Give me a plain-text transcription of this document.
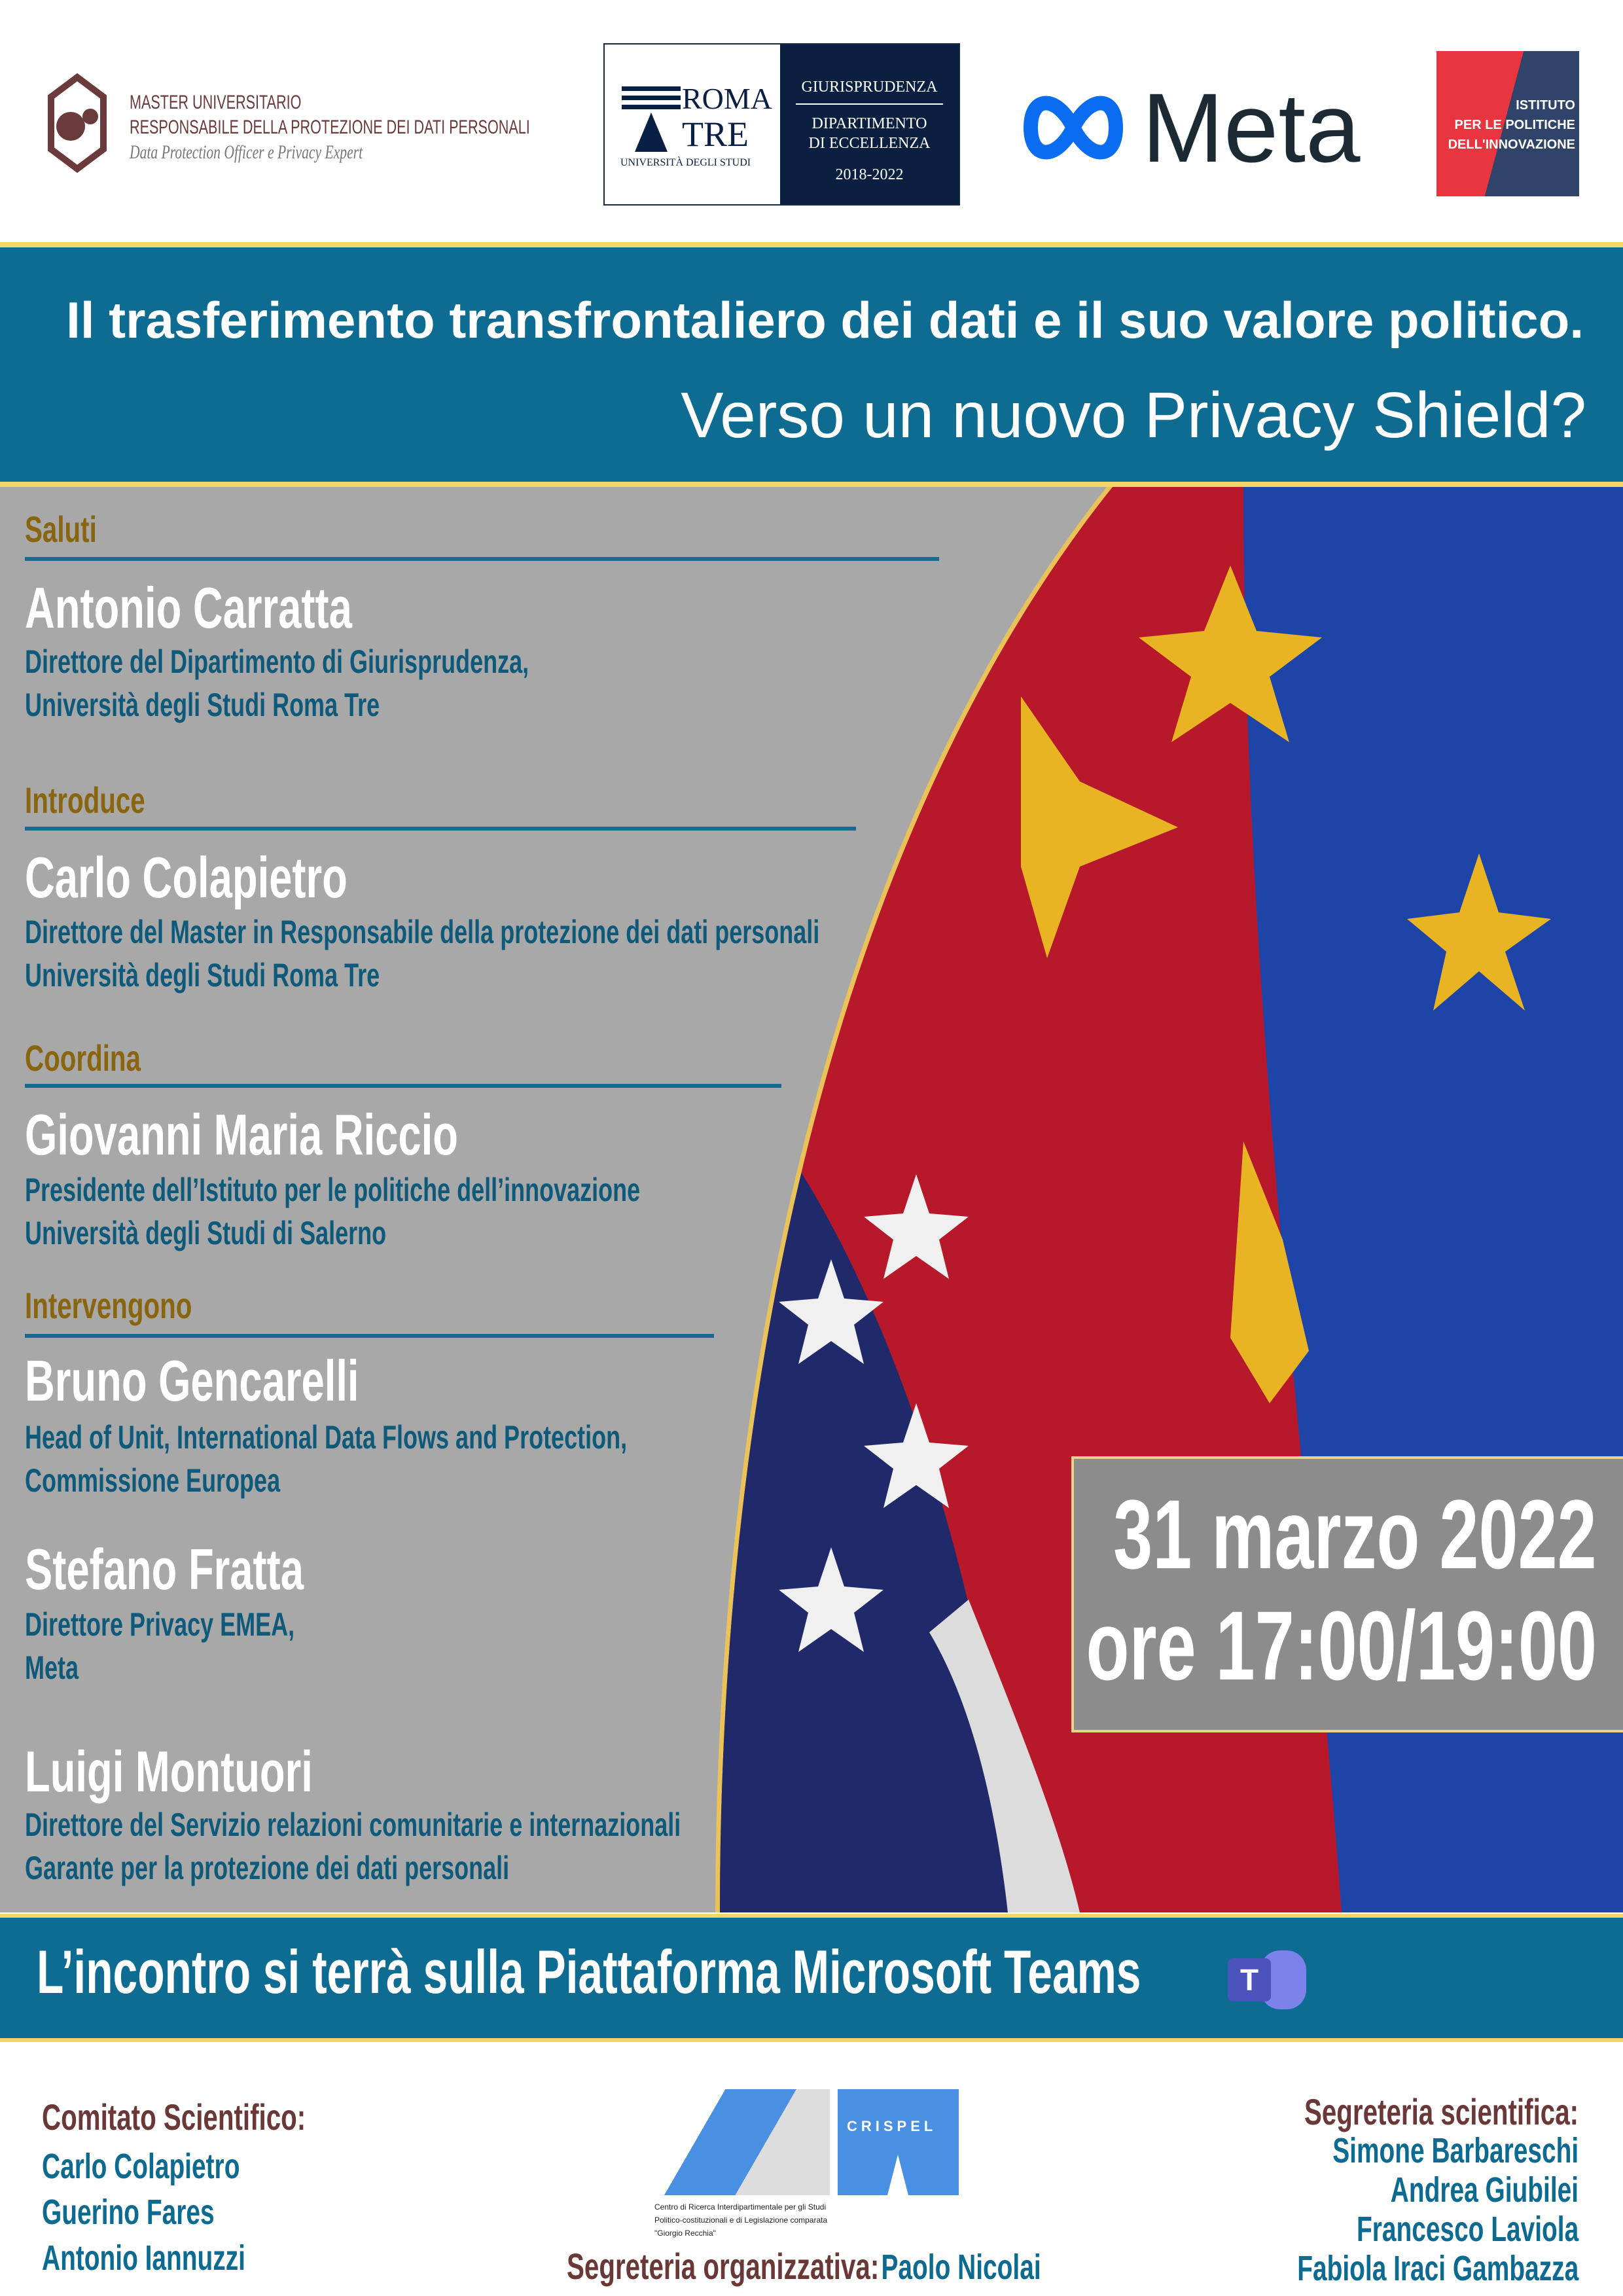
MASTER UNIVERSITARIO
RESPONSABILE DELLA PROTEZIONE DEI DATI PERSONALI
Data Protection Officer e Privacy Expert
ROMA
TRE
UNIVERSITÀ DEGLI STUDI
GIURISPRUDENZA
DIPARTIMENTO
DI ECCELLENZA
2018-2022	Meta	ISTITUTO
PER LE POLITICHE
DELL'INNOVAZIONE
Il trasferimento transfrontaliero dei dati e il suo valore politico.
Verso un nuovo Privacy Shield?
Saluti
Antonio Carratta
Direttore del Dipartimento di Giurisprudenza,
Università degli Studi Roma Tre
Introduce
Carlo Colapietro
Direttore del Master in Responsabile della protezione dei dati personali
Università degli Studi Roma Tre
Coordina
Giovanni Maria Riccio
Presidente dell’Istituto per le politiche dell’innovazione
Università degli Studi di Salerno
Intervengono
Bruno Gencarelli
Head of Unit, International Data Flows and Protection,
Commissione Europea
Stefano Fratta
Direttore Privacy EMEA,
Meta
Luigi Montuori
Direttore del Servizio relazioni comunitarie e internazionali
Garante per la protezione dei dati personali
31 marzo 2022
ore 17:00/19:00
L’incontro si terrà sulla Piattaforma Microsoft Teams	T
Comitato Scientifico:
Carlo Colapietro
Guerino Fares
Antonio Iannuzzi
CRISPEL
Centro di Ricerca Interdipartimentale per gli Studi
Politico-costituzionali e di Legislazione comparata
"Giorgio Recchia"
Segreteria organizzativa: Paolo Nicolai
Segreteria scientifica:
Simone Barbareschi
Andrea Giubilei
Francesco Laviola
Fabiola Iraci Gambazza
